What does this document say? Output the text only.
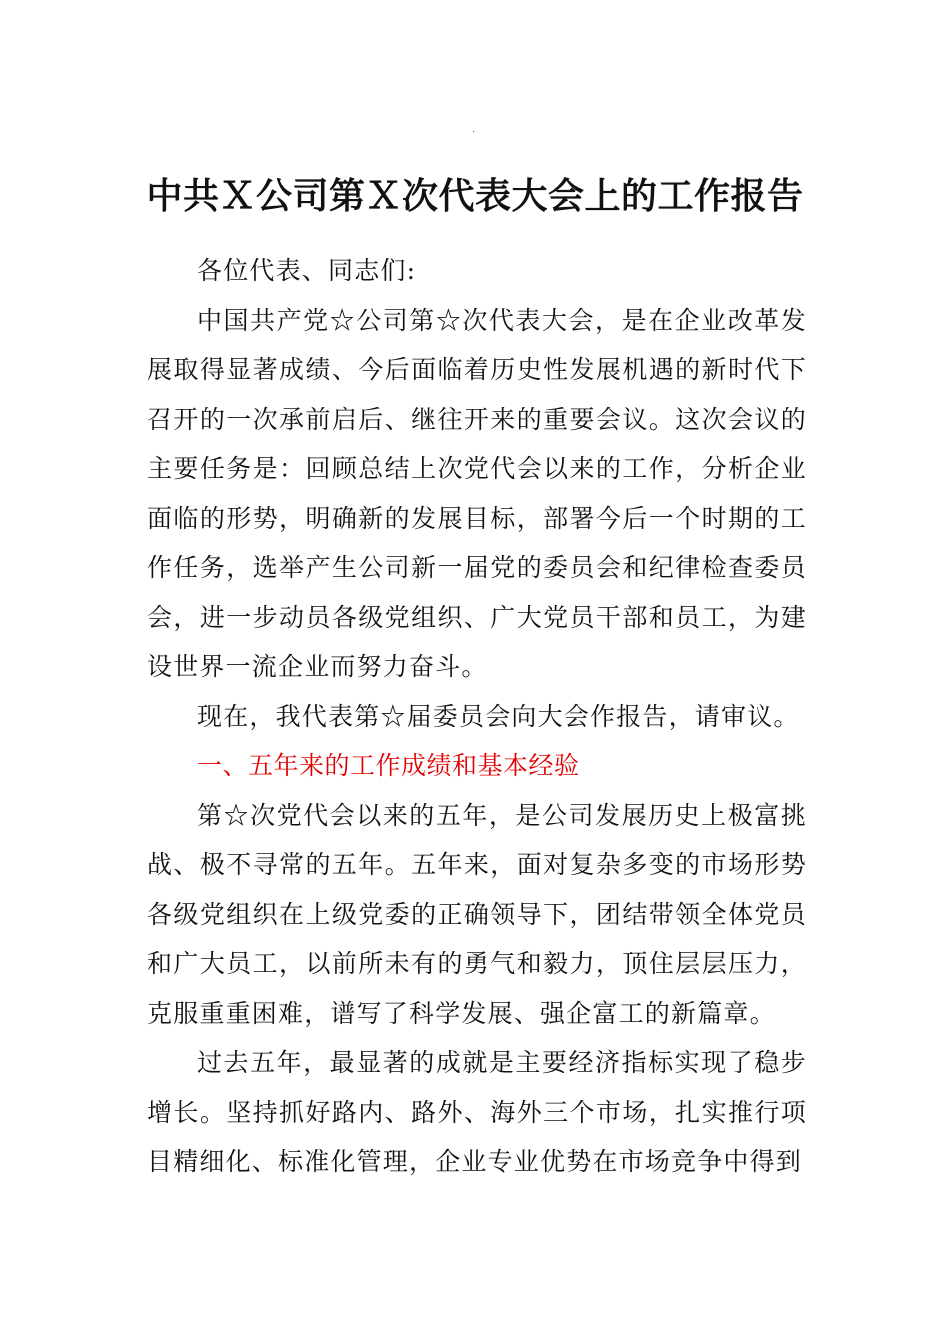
·
中共Ｘ公司第Ｘ次代表大会上的工作报告

各位代表、同志们:

中国共产党☆公司第☆次代表大会，是在企业改革发展取得显著成绩、今后面临着历史性发展机遇的新时代下召开的一次承前启后、继往开来的重要会议。这次会议的主要任务是：回顾总结上次党代会以来的工作，分析企业面临的形势，明确新的发展目标，部署今后一个时期的工作任务，选举产生公司新一届党的委员会和纪律检查委员会，进一步动员各级党组织、广大党员干部和员工，为建设世界一流企业而努力奋斗。

现在，我代表第☆届委员会向大会作报告，请审议。

一、五年来的工作成绩和基本经验

第☆次党代会以来的五年，是公司发展历史上极富挑战、极不寻常的五年。五年来，面对复杂多变的市场形势各级党组织在上级党委的正确领导下，团结带领全体党员和广大员工，以前所未有的勇气和毅力，顶住层层压力，克服重重困难，谱写了科学发展、强企富工的新篇章。

过去五年，最显著的成就是主要经济指标实现了稳步增长。坚持抓好路内、路外、海外三个市场，扎实推行项目精细化、标准化管理，企业专业优势在市场竞争中得到
